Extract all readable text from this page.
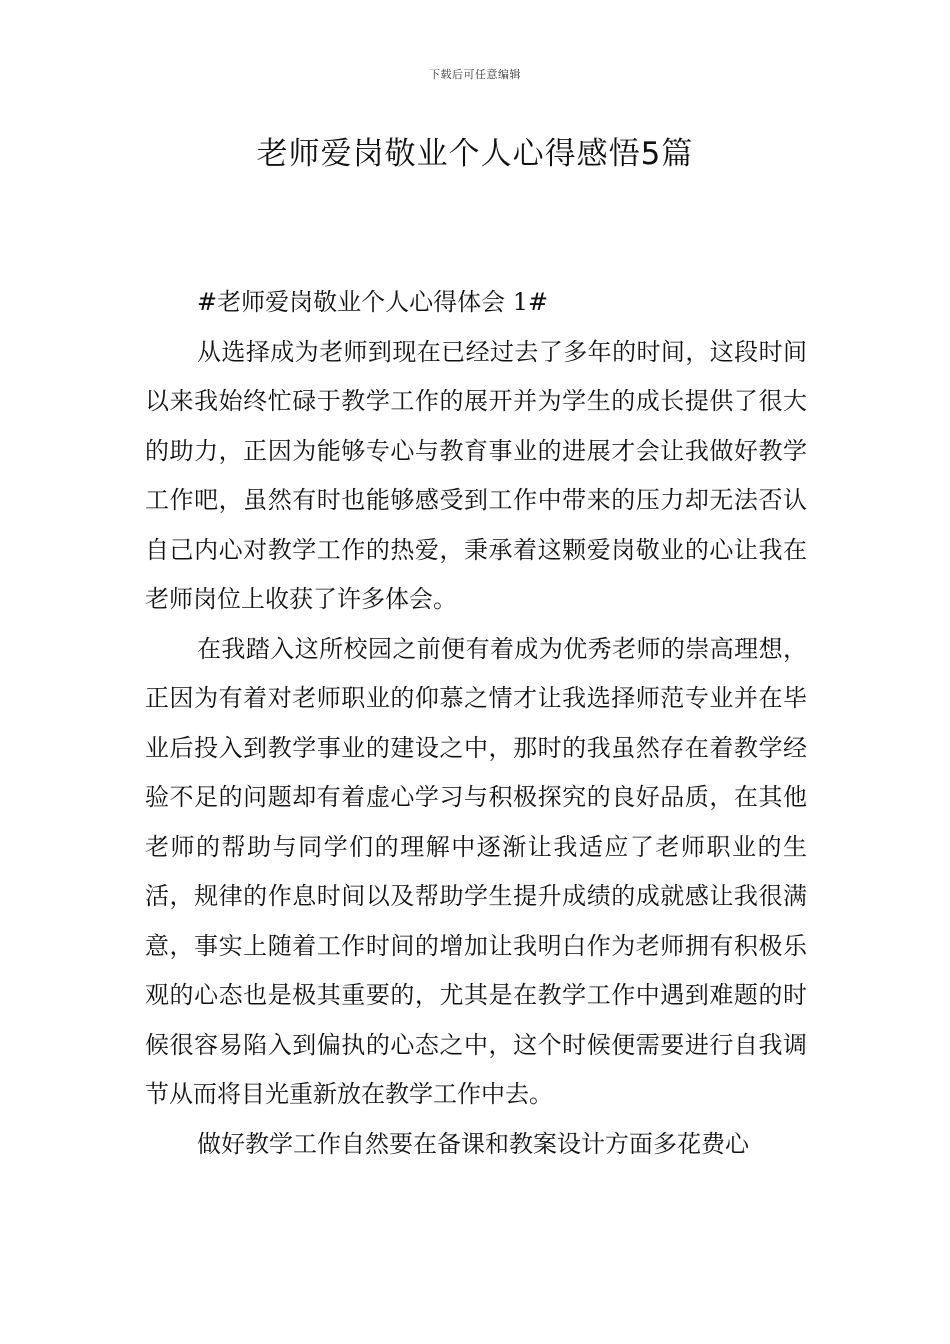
下载后可任意编辑
老师爱岗敬业个人心得感悟5篇
#老师爱岗敬业个人心得体会 1#

从选择成为老师到现在已经过去了多年的时间，这段时间以来我始终忙碌于教学工作的展开并为学生的成长提供了很大的助力，正因为能够专心与教育事业的进展才会让我做好教学工作吧，虽然有时也能够感受到工作中带来的压力却无法否认自己内心对教学工作的热爱，秉承着这颗爱岗敬业的心让我在老师岗位上收获了许多体会。

在我踏入这所校园之前便有着成为优秀老师的崇高理想，正因为有着对老师职业的仰慕之情才让我选择师范专业并在毕业后投入到教学事业的建设之中，那时的我虽然存在着教学经验不足的问题却有着虚心学习与积极探究的良好品质，在其他老师的帮助与同学们的理解中逐渐让我适应了老师职业的生活，规律的作息时间以及帮助学生提升成绩的成就感让我很满意，事实上随着工作时间的增加让我明白作为老师拥有积极乐观的心态也是极其重要的，尤其是在教学工作中遇到难题的时候很容易陷入到偏执的心态之中，这个时候便需要进行自我调节从而将目光重新放在教学工作中去。

做好教学工作自然要在备课和教案设计方面多花费心
